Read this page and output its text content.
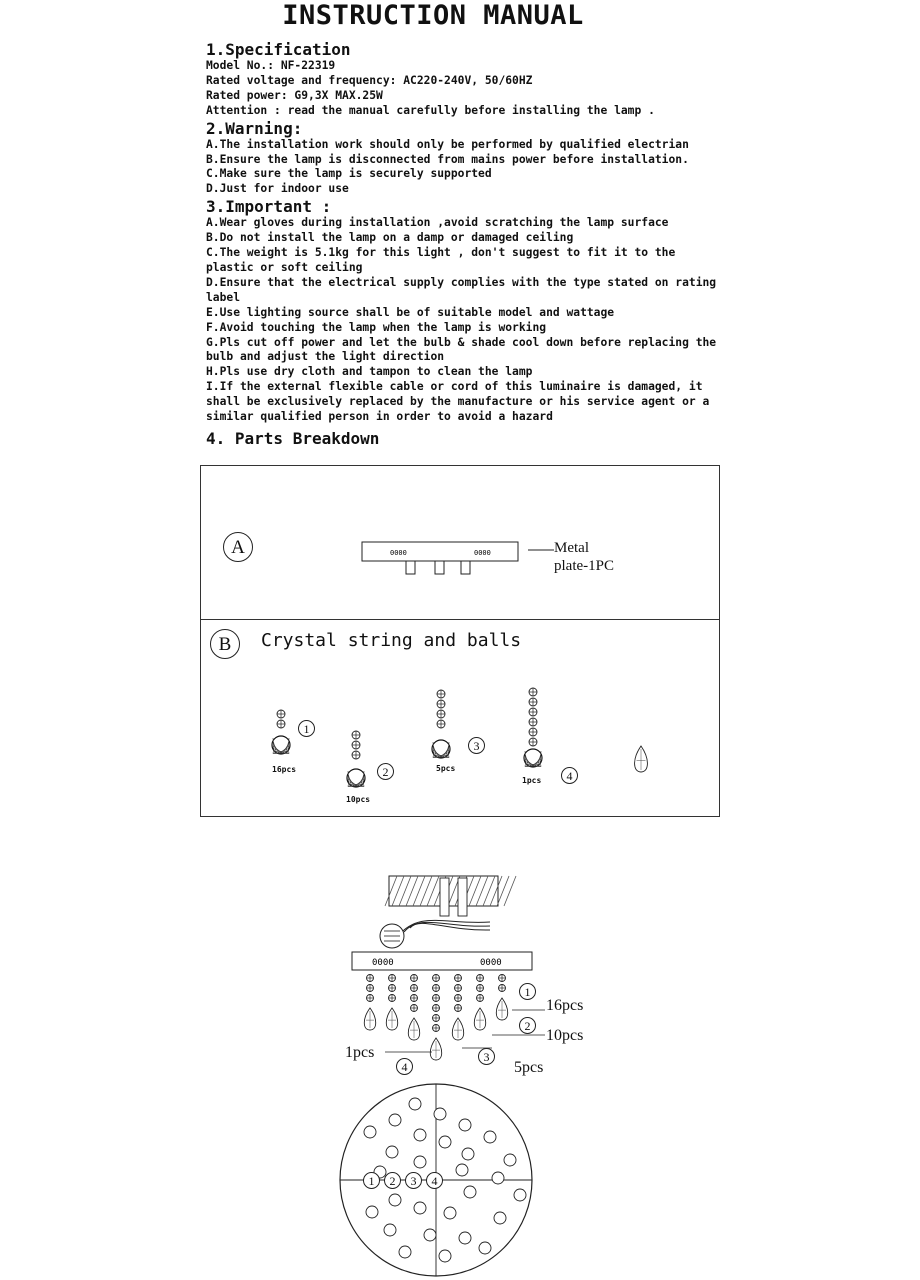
INSTRUCTION MANUAL
1.Specification
Model No.: NF-22319
Rated voltage and frequency: AC220-240V, 50/60HZ
Rated power: G9,3X MAX.25W
Attention : read the manual carefully before installing the lamp .
2.Warning:
A.The installation work should only be performed by qualified electrian
B.Ensure the lamp is disconnected from mains power before installation.
C.Make sure the lamp is securely supported
D.Just for indoor use
3.Important :
A.Wear gloves during installation ,avoid scratching the lamp surface
B.Do not install the lamp on a damp or damaged ceiling
C.The weight is 5.1kg for this light , don't suggest to fit it to the
plastic or soft ceiling
D.Ensure that the electrical supply complies with the type stated on rating
label
E.Use lighting source shall be of suitable model and wattage
F.Avoid touching the lamp when the lamp is working
G.Pls cut off power and let the bulb & shade cool down before replacing the
bulb and adjust the light direction
H.Pls use dry cloth and tampon to clean the lamp
I.If the external flexible cable or cord of this luminaire is damaged, it
shall be exclusively replaced by the manufacture or his service agent or a
similar qualified person in order to avoid a hazard
4. Parts Breakdown
A	0000	0000	Metal
plate-1PC
B	Crystal string and balls
16pcs
10pcs
5pcs
1pcs
1
2
3
4
0000	0000
16pcs
10pcs
5pcs
1pcs
1
2
3
4
1	2	3	4
